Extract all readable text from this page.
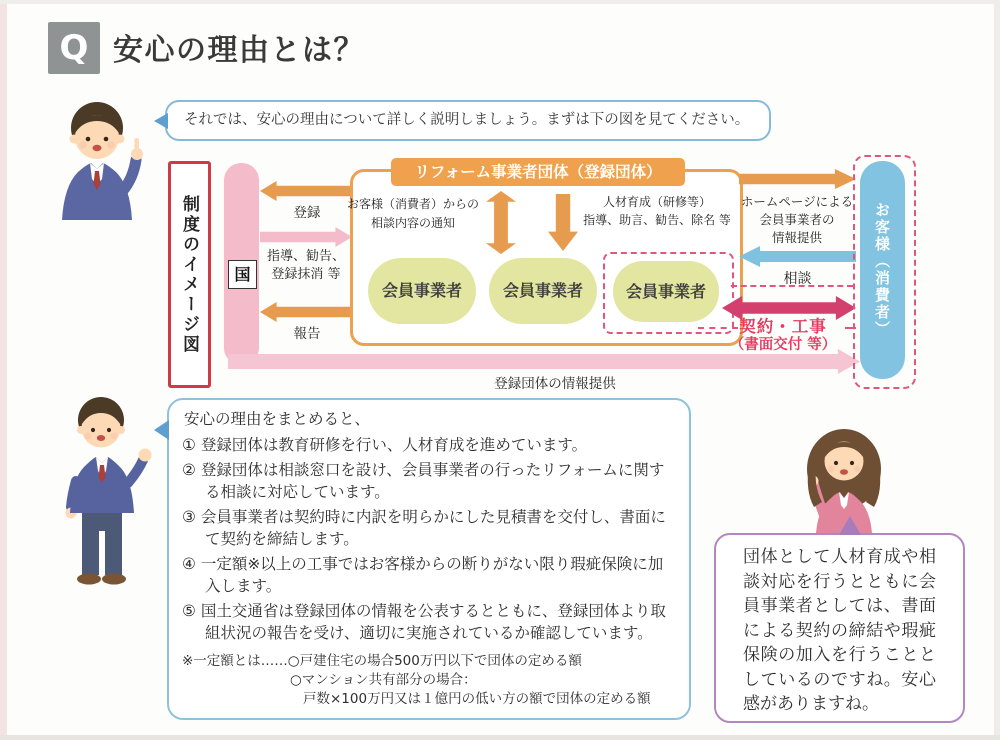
Q 安心の理由とは？
それでは、安心の理由について詳しく説明しましょう。まずは下の図を見てください。
制度のイメージ図	国
登録
指導、勧告、
登録抹消 等
報告
リフォーム事業者団体（登録団体）
お客様（消費者）からの
相談内容の通知
人材育成（研修等）
指導、助言、勧告、除名 等
会員事業者	会員事業者	会員事業者
ホームページによる
会員事業者の
情報提供
相談
契約・工事
（書面交付 等）
お客様（消費者）
登録団体の情報提供
安心の理由をまとめると、
① 登録団体は教育研修を行い、人材育成を進めています。
② 登録団体は相談窓口を設け、会員事業者の行ったリフォームに関する相談に対応しています。
③ 会員事業者は契約時に内訳を明らかにした見積書を交付し、書面にて契約を締結します。
④ 一定額※以上の工事ではお客様からの断りがない限り瑕疵保険に加入します。
⑤ 国土交通省は登録団体の情報を公表するとともに、登録団体より取組状況の報告を受け、適切に実施されているか確認しています。
※一定額とは……○戸建住宅の場合500万円以下で団体の定める額
○マンション共有部分の場合：
戸数×100万円又は１億円の低い方の額で団体の定める額
団体として人材育成や相談対応を行うとともに会員事業者としては、書面による契約の締結や瑕疵保険の加入を行うこととしているのですね。安心感がありますね。
